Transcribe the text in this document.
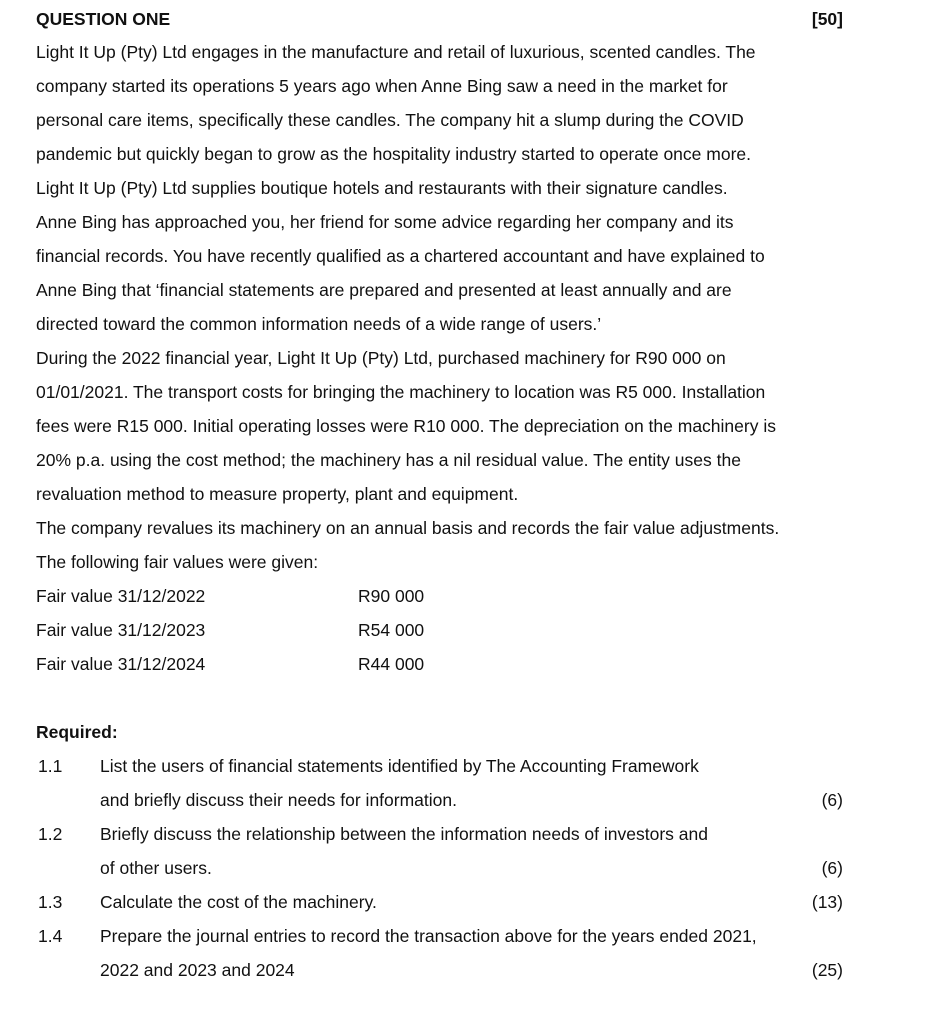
QUESTION ONE	[50]
Light It Up (Pty) Ltd engages in the manufacture and retail of luxurious, scented candles. The
company started its operations 5 years ago when Anne Bing saw a need in the market for
personal care items, specifically these candles. The company hit a slump during the COVID
pandemic but quickly began to grow as the hospitality industry started to operate once more.
Light It Up (Pty) Ltd supplies boutique hotels and restaurants with their signature candles.
Anne Bing has approached you, her friend for some advice regarding her company and its
financial records. You have recently qualified as a chartered accountant and have explained to
Anne Bing that ‘financial statements are prepared and presented at least annually and are
directed toward the common information needs of a wide range of users.’
During the 2022 financial year, Light It Up (Pty) Ltd, purchased machinery for R90 000 on
01/01/2021. The transport costs for bringing the machinery to location was R5 000. Installation
fees were R15 000. Initial operating losses were R10 000. The depreciation on the machinery is
20% p.a. using the cost method; the machinery has a nil residual value. The entity uses the
revaluation method to measure property, plant and equipment.
The company revalues its machinery on an annual basis and records the fair value adjustments.
The following fair values were given:
Fair value 31/12/2022	R90 000
Fair value 31/12/2023	R54 000
Fair value 31/12/2024	R44 000
Required:
1.1 List the users of financial statements identified by The Accounting Framework
and briefly discuss their needs for information.	(6)
1.2 Briefly discuss the relationship between the information needs of investors and
of other users.	(6)
1.3 Calculate the cost of the machinery.	(13)
1.4 Prepare the journal entries to record the transaction above for the years ended 2021,
2022 and 2023 and 2024	(25)
